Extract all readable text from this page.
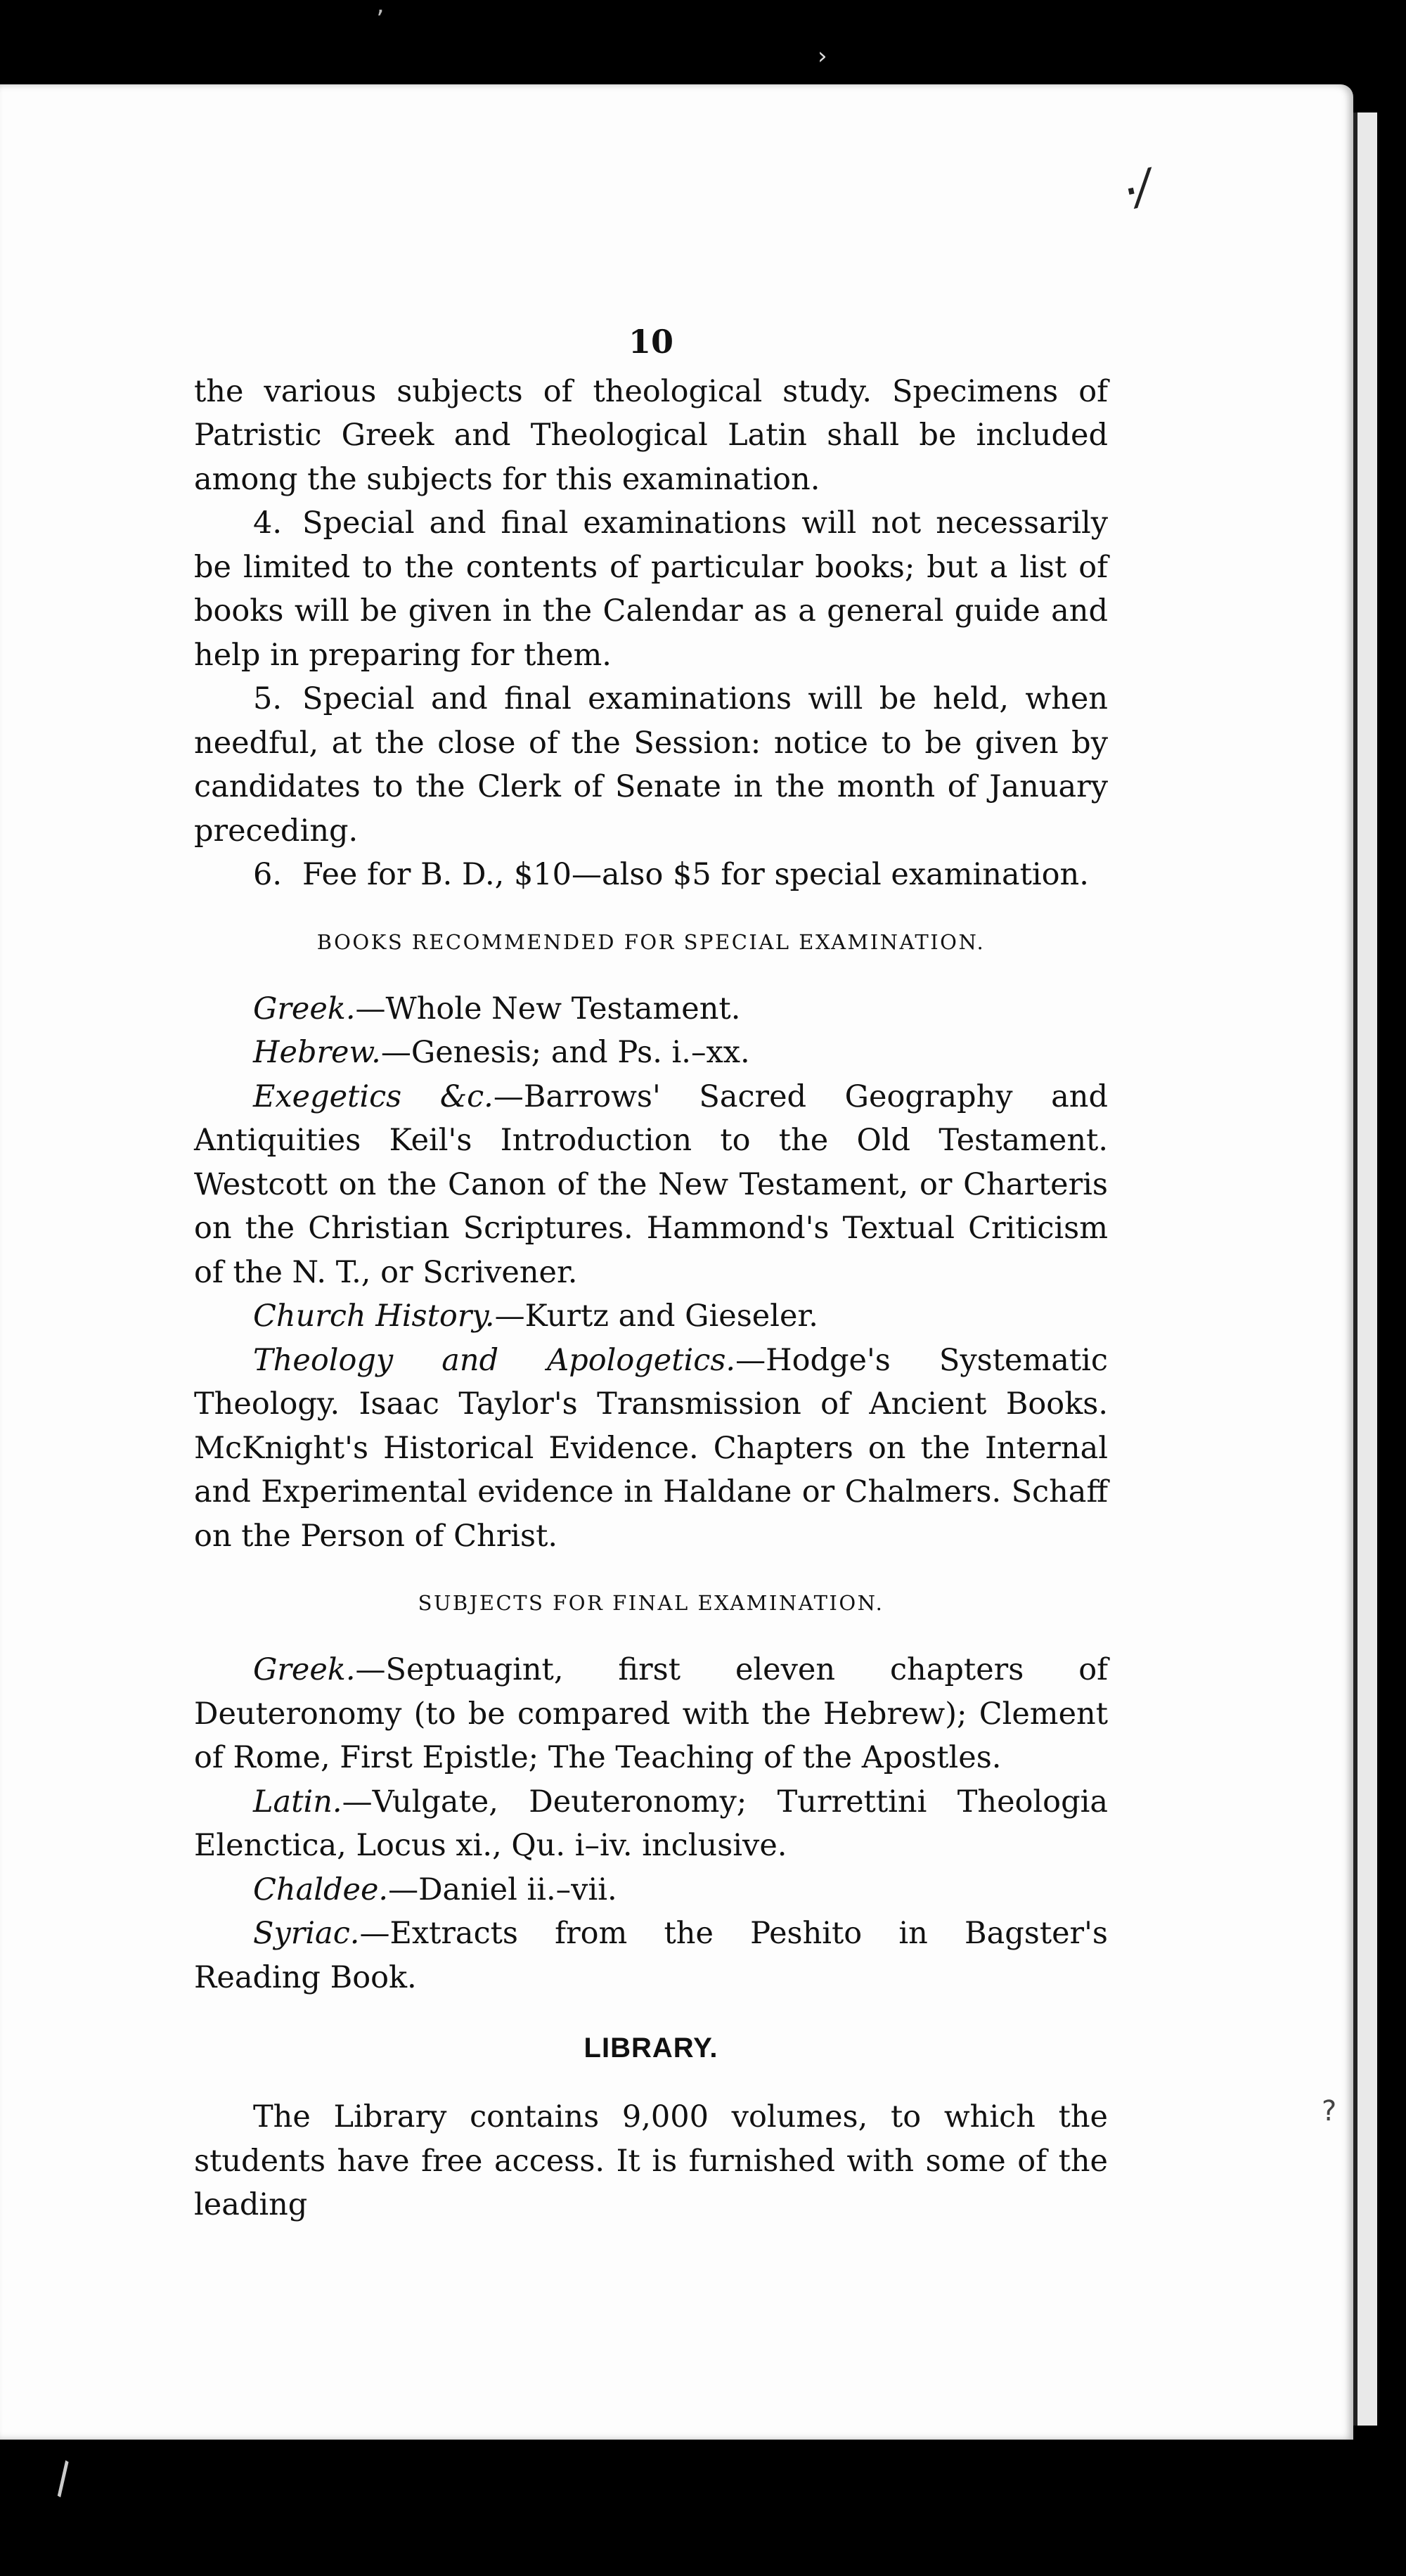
ʼ
›
·⁄
\
?
10

the various subjects of theological study. Specimens of Patristic Greek and Theological Latin shall be included among the subjects for this examination.

4. Special and final examinations will not necessarily be limited to the contents of particular books; but a list of books will be given in the Calendar as a general guide and help in preparing for them.

5. Special and final examinations will be held, when needful, at the close of the Session: notice to be given by candidates to the Clerk of Senate in the month of January preceding.

6. Fee for B. D., $10—also $5 for special examination.

BOOKS RECOMMENDED FOR SPECIAL EXAMINATION.

Greek.—Whole New Testament.

Hebrew.—Genesis; and Ps. i.–xx.

Exegetics &c.—Barrows' Sacred Geography and Antiquities Keil's Introduction to the Old Testament. Westcott on the Canon of the New Testament, or Charteris on the Christian Scriptures. Hammond's Textual Criticism of the N. T., or Scrivener.

Church History.—Kurtz and Gieseler.

Theology and Apologetics.—Hodge's Systematic Theology. Isaac Taylor's Transmission of Ancient Books. McKnight's Historical Evidence. Chapters on the Internal and Experimental evidence in Haldane or Chalmers. Schaff on the Person of Christ.

SUBJECTS FOR FINAL EXAMINATION.

Greek.—Septuagint, first eleven chapters of Deuteronomy (to be compared with the Hebrew); Clement of Rome, First Epistle; The Teaching of the Apostles.

Latin.—Vulgate, Deuteronomy; Turrettini Theologia Elenctica, Locus xi., Qu. i–iv. inclusive.

Chaldee.—Daniel ii.–vii.

Syriac.—Extracts from the Peshito in Bagster's Reading Book.

LIBRARY.

The Library contains 9,000 volumes, to which the students have free access. It is furnished with some of the leading
